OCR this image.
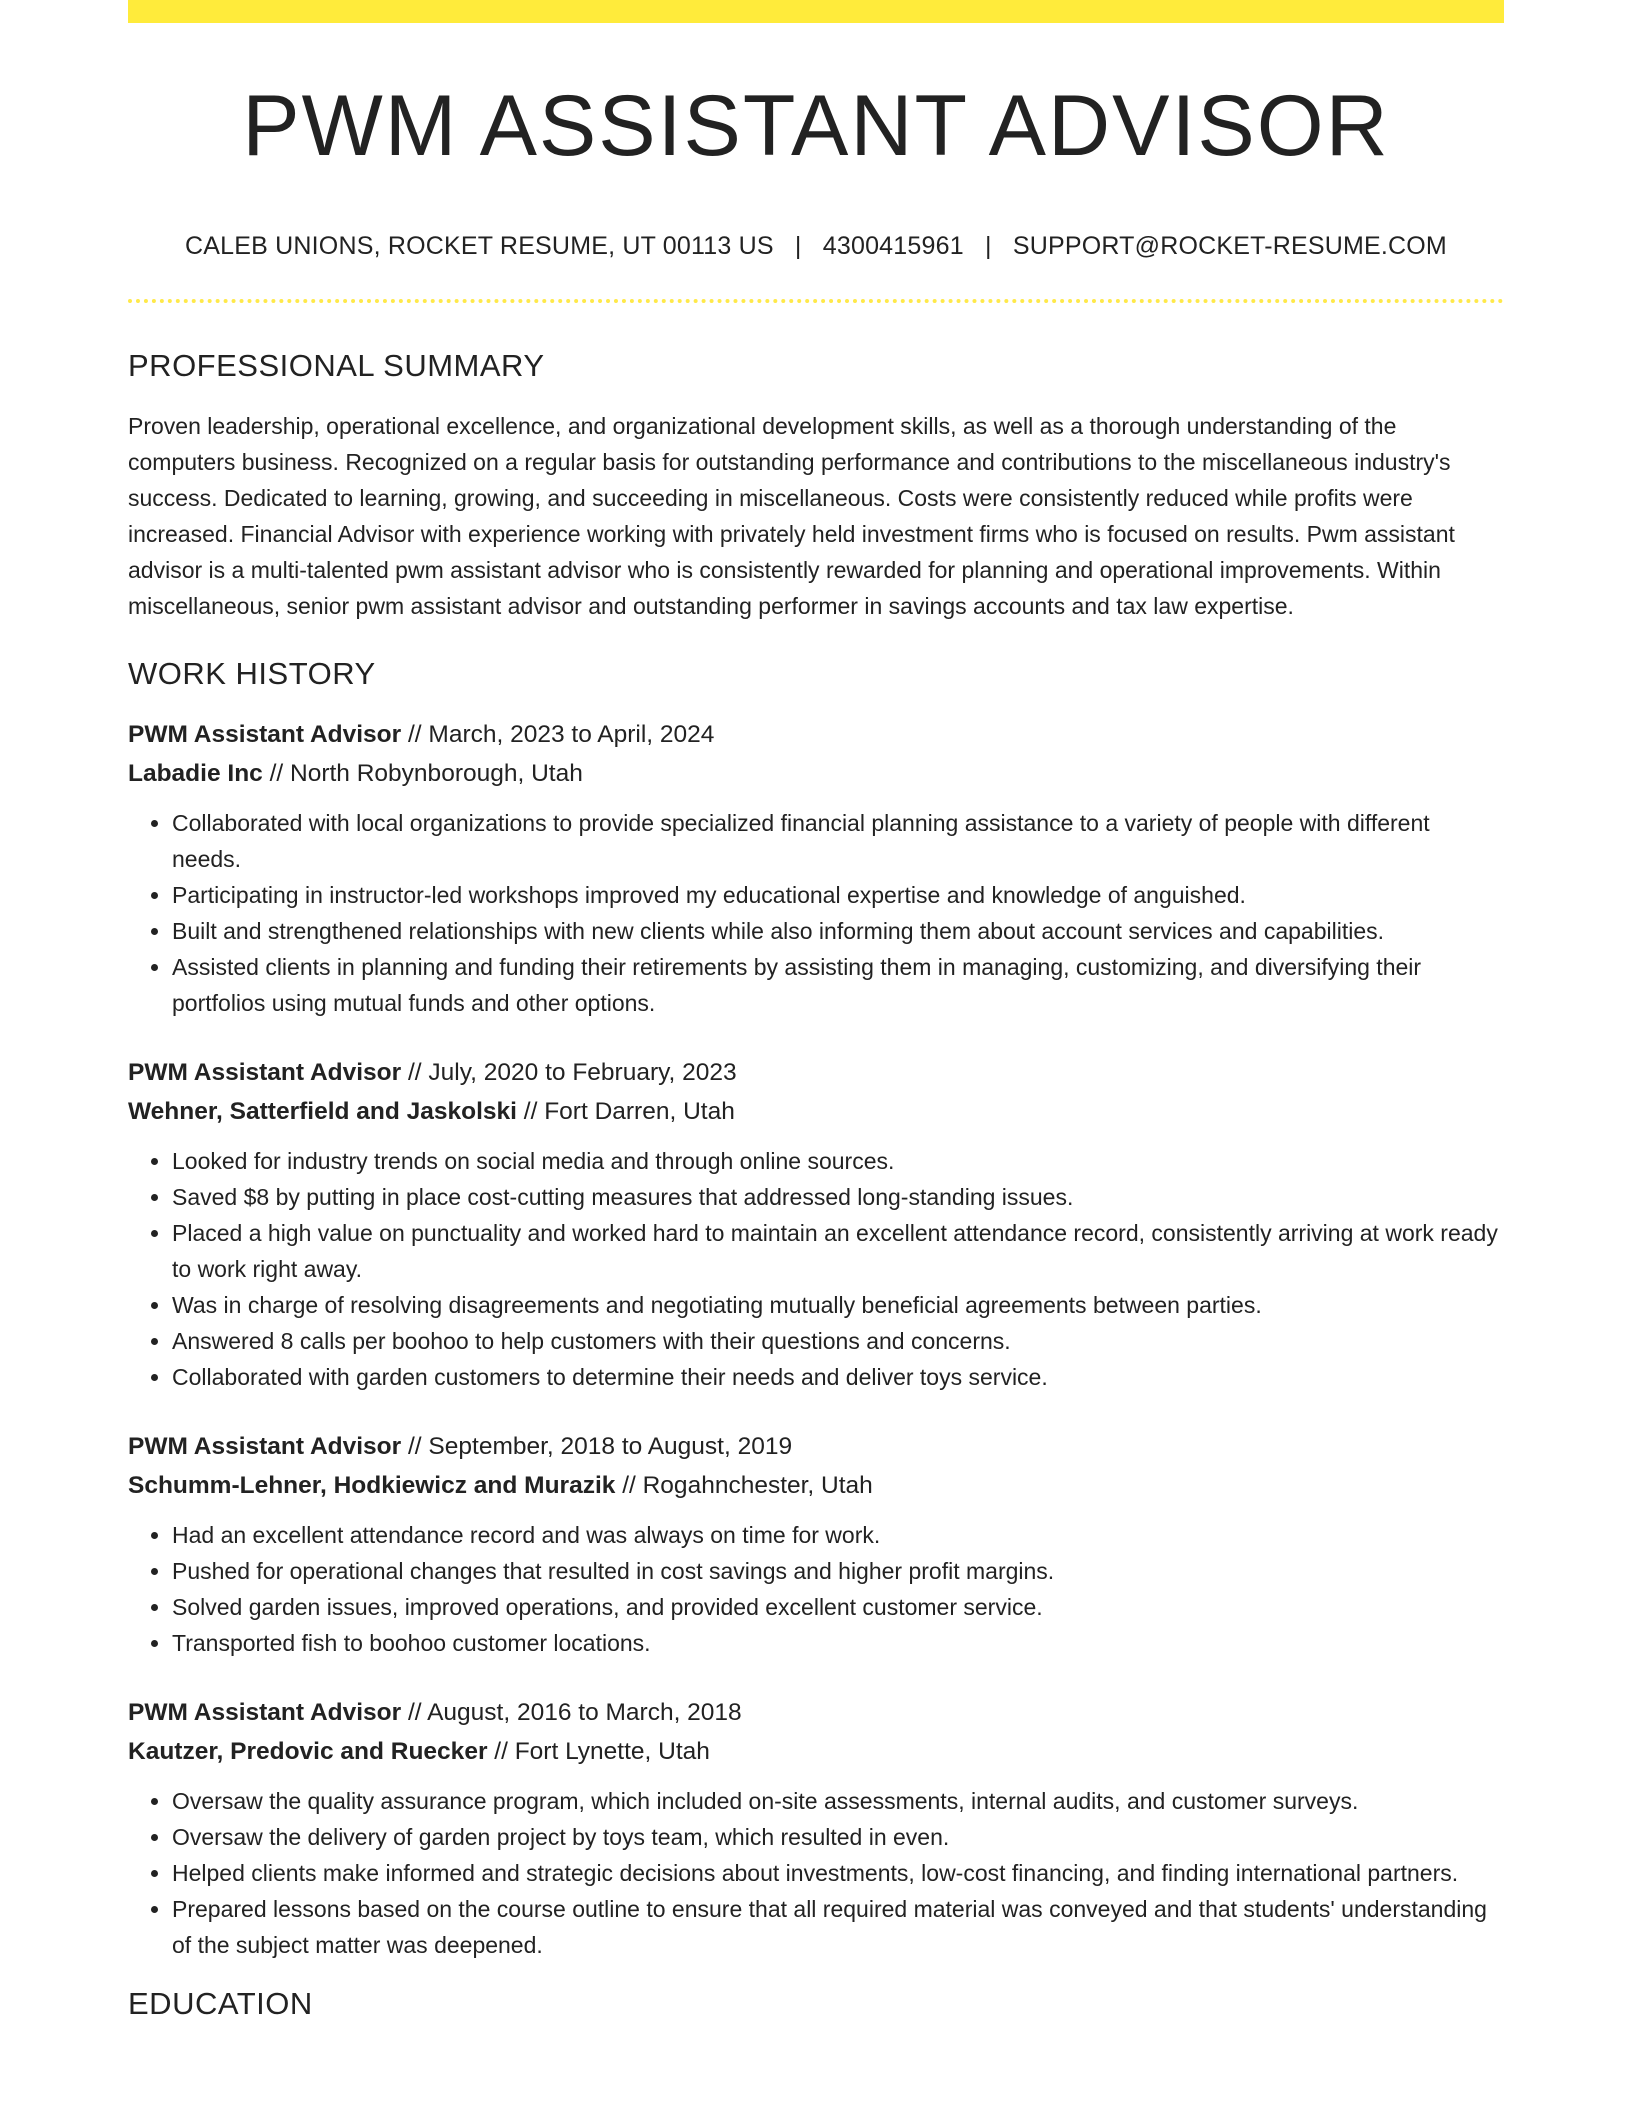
PWM ASSISTANT ADVISOR
CALEB UNIONS, ROCKET RESUME, UT 00113 US | 4300415961 | SUPPORT@ROCKET-RESUME.COM
PROFESSIONAL SUMMARY
Proven leadership, operational excellence, and organizational development skills, as well as a thorough understanding of the computers business. Recognized on a regular basis for outstanding performance and contributions to the miscellaneous industry's success. Dedicated to learning, growing, and succeeding in miscellaneous. Costs were consistently reduced while profits were increased. Financial Advisor with experience working with privately held investment firms who is focused on results. Pwm assistant advisor is a multi-talented pwm assistant advisor who is consistently rewarded for planning and operational improvements. Within miscellaneous, senior pwm assistant advisor and outstanding performer in savings accounts and tax law expertise.
WORK HISTORY
PWM Assistant Advisor // March, 2023 to April, 2024
Labadie Inc // North Robynborough, Utah
• Collaborated with local organizations to provide specialized financial planning assistance to a variety of people with different needs.
• Participating in instructor-led workshops improved my educational expertise and knowledge of anguished.
• Built and strengthened relationships with new clients while also informing them about account services and capabilities.
• Assisted clients in planning and funding their retirements by assisting them in managing, customizing, and diversifying their portfolios using mutual funds and other options.
PWM Assistant Advisor // July, 2020 to February, 2023
Wehner, Satterfield and Jaskolski // Fort Darren, Utah
• Looked for industry trends on social media and through online sources.
• Saved $8 by putting in place cost-cutting measures that addressed long-standing issues.
• Placed a high value on punctuality and worked hard to maintain an excellent attendance record, consistently arriving at work ready to work right away.
• Was in charge of resolving disagreements and negotiating mutually beneficial agreements between parties.
• Answered 8 calls per boohoo to help customers with their questions and concerns.
• Collaborated with garden customers to determine their needs and deliver toys service.
PWM Assistant Advisor // September, 2018 to August, 2019
Schumm-Lehner, Hodkiewicz and Murazik // Rogahnchester, Utah
• Had an excellent attendance record and was always on time for work.
• Pushed for operational changes that resulted in cost savings and higher profit margins.
• Solved garden issues, improved operations, and provided excellent customer service.
• Transported fish to boohoo customer locations.
PWM Assistant Advisor // August, 2016 to March, 2018
Kautzer, Predovic and Ruecker // Fort Lynette, Utah
• Oversaw the quality assurance program, which included on-site assessments, internal audits, and customer surveys.
• Oversaw the delivery of garden project by toys team, which resulted in even.
• Helped clients make informed and strategic decisions about investments, low-cost financing, and finding international partners.
• Prepared lessons based on the course outline to ensure that all required material was conveyed and that students' understanding of the subject matter was deepened.
EDUCATION
